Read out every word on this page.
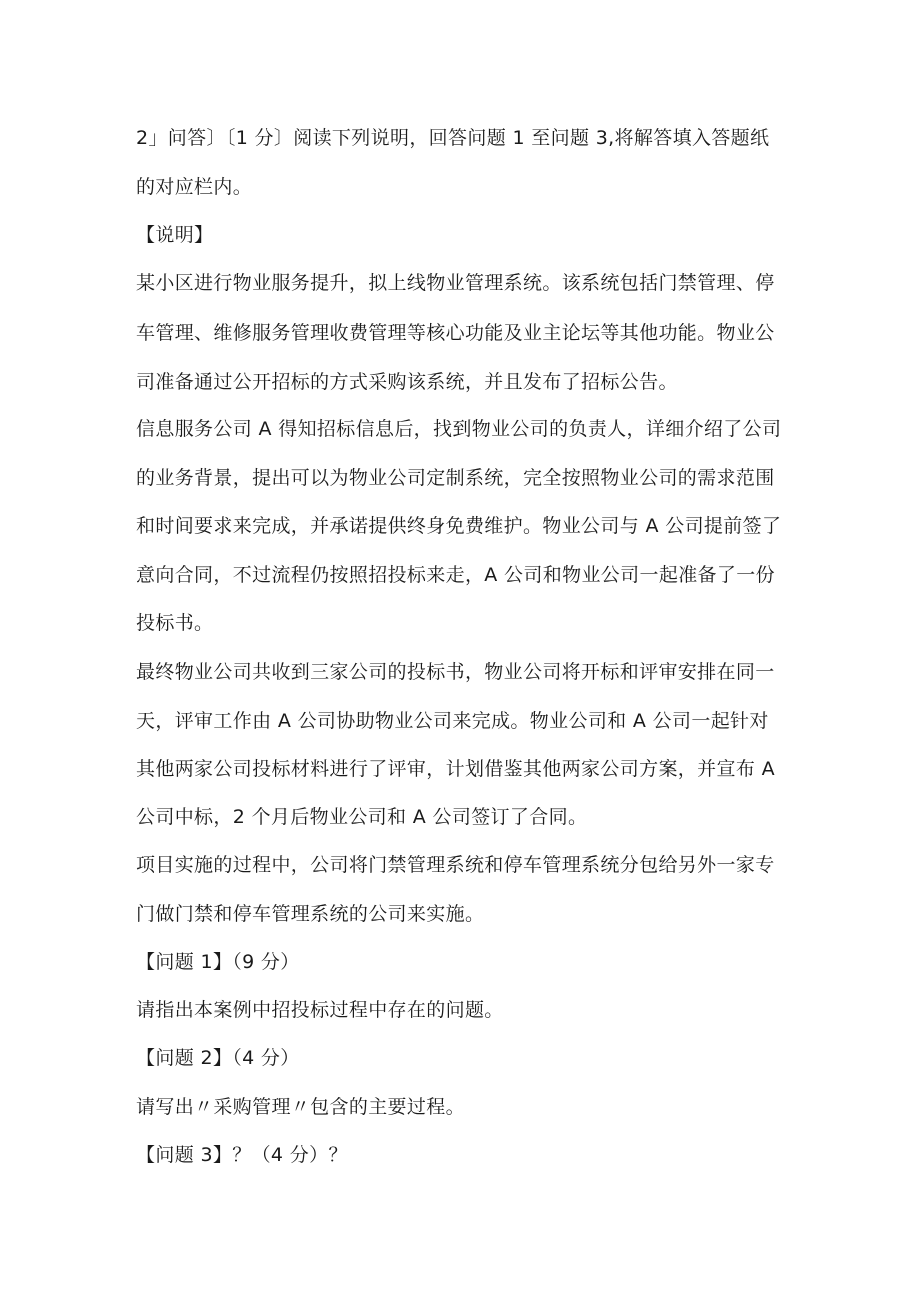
2」问答〕〔1 分〕阅读下列说明，回答问题 1 至问题 3,将解答填入答题纸
的对应栏内。
【说明】
某小区进行物业服务提升，拟上线物业管理系统。该系统包括门禁管理、停
车管理、维修服务管理收费管理等核心功能及业主论坛等其他功能。物业公
司准备通过公开招标的方式采购该系统，并且发布了招标公告。
信息服务公司 A 得知招标信息后，找到物业公司的负责人，详细介绍了公司
的业务背景，提出可以为物业公司定制系统，完全按照物业公司的需求范围
和时间要求来完成，并承诺提供终身免费维护。物业公司与 A 公司提前签了
意向合同，不过流程仍按照招投标来走，A 公司和物业公司一起准备了一份
投标书。
最终物业公司共收到三家公司的投标书，物业公司将开标和评审安排在同一
天，评审工作由 A 公司协助物业公司来完成。物业公司和 A 公司一起针对
其他两家公司投标材料进行了评审，计划借鉴其他两家公司方案，并宣布 A
公司中标，2 个月后物业公司和 A 公司签订了合同。
项目实施的过程中，公司将门禁管理系统和停车管理系统分包给另外一家专
门做门禁和停车管理系统的公司来实施。
【问题 1】（9 分）
请指出本案例中招投标过程中存在的问题。
【问题 2】（4 分）
请写出〃采购管理〃包含的主要过程。
【问题 3】？（4 分）？
